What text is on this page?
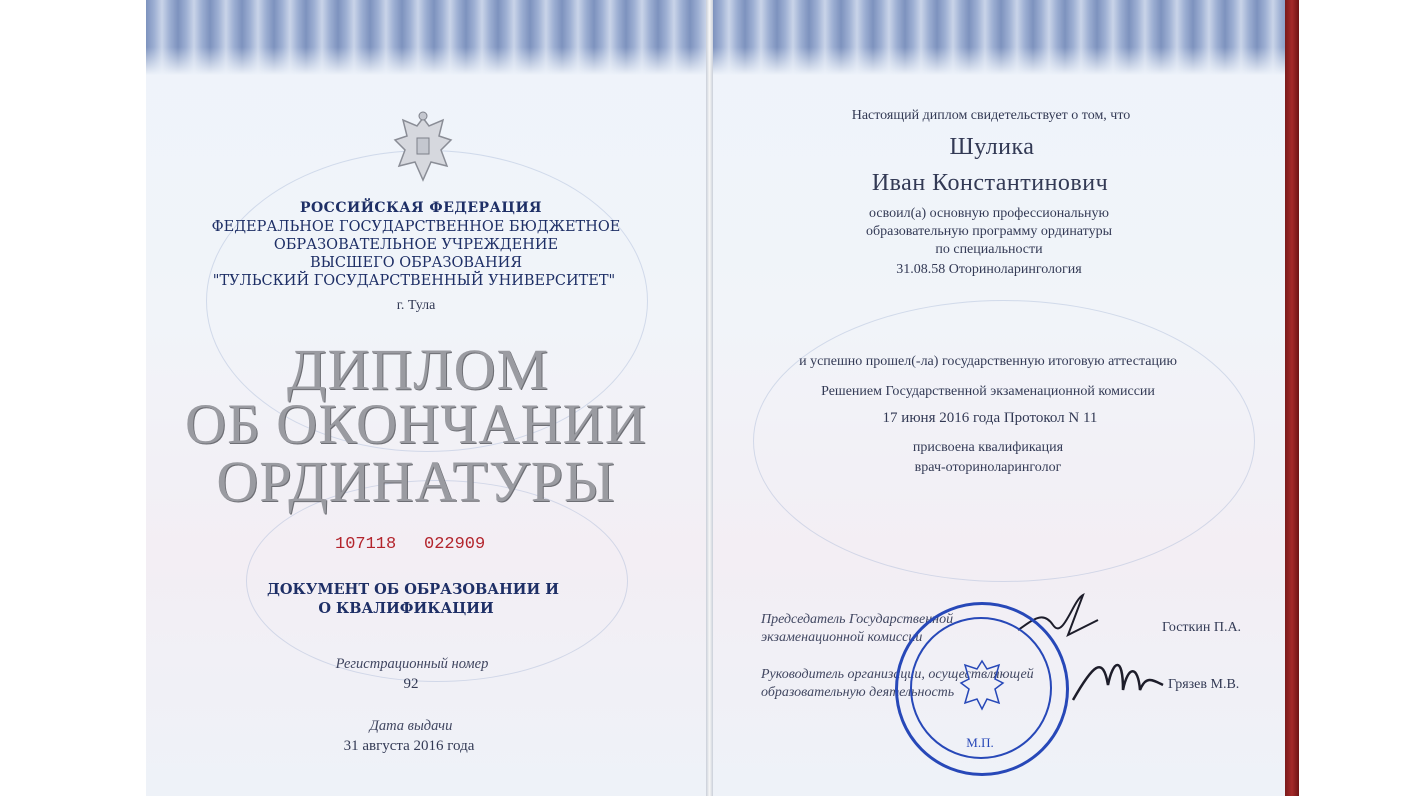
РОССИЙСКАЯ ФЕДЕРАЦИЯ
ФЕДЕРАЛЬНОЕ ГОСУДАРСТВЕННОЕ БЮДЖЕТНОЕ
ОБРАЗОВАТЕЛЬНОЕ УЧРЕЖДЕНИЕ
ВЫСШЕГО ОБРАЗОВАНИЯ
"ТУЛЬСКИЙ ГОСУДАРСТВЕННЫЙ УНИВЕРСИТЕТ"
г. Тула
ДИПЛОМ
ОБ ОКОНЧАНИИ
ОРДИНАТУРЫ
107118 022909
ДОКУМЕНТ ОБ ОБРАЗОВАНИИ И
О КВАЛИФИКАЦИИ
Регистрационный номер
92
Дата выдачи
31 августа 2016 года
Настоящий диплом свидетельствует о том, что
Шулика
Иван Константинович
освоил(а) основную профессиональную
образовательную программу ординатуры
по специальности
31.08.58 Оториноларингология
и успешно прошел(-ла) государственную итоговую аттестацию
Решением Государственной экзаменационной комиссии
17 июня 2016 года Протокол N 11
присвоена квалификация
врач-оториноларинголог
Председатель Государственной
экзаменационной комиссии
Госткин П.А.
Руководитель организации, осуществляющей
образовательную деятельность
Грязев М.В.
М.П.
